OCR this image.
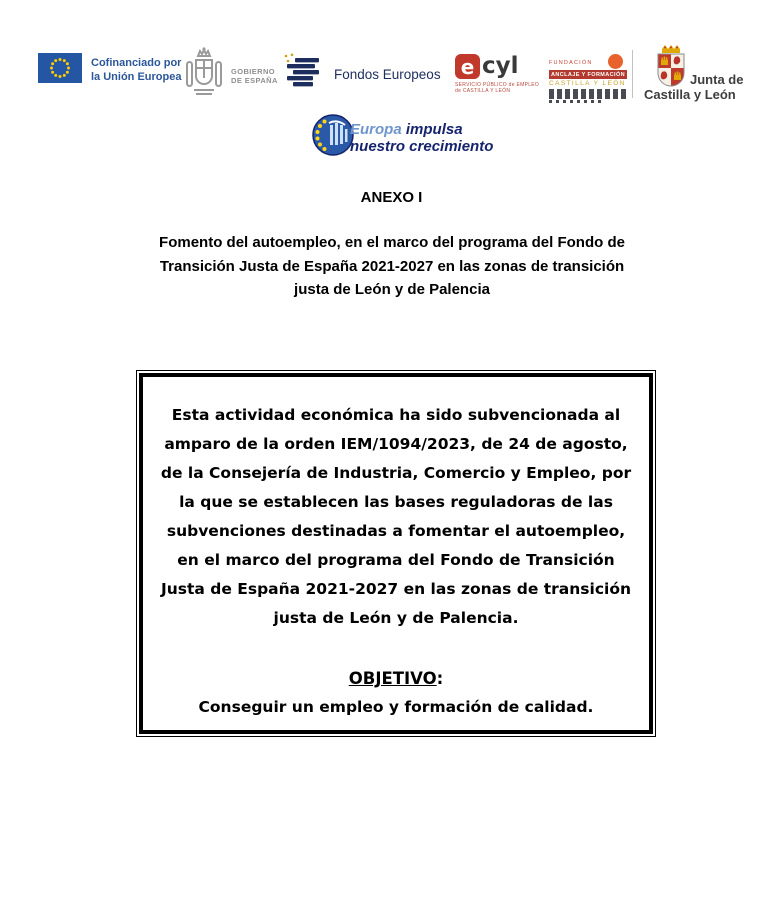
Cofinanciado por
la Unión Europea	GOBIERNO
DE ESPAÑA	Fondos Europeos e cyl
SERVICIO PÚBLICO de EMPLEO
de CASTILLA Y LEÓN
FUNDACIÓN
ANCLAJE Y FORMACIÓN
CASTILLA Y LEÓN	Junta de
Castilla y León
Europa impulsa
nuestro crecimiento
ANEXO I
Fomento del autoempleo, en el marco del programa del Fondo de
Transición Justa de España 2021-2027 en las zonas de transición
justa de León y de Palencia
Esta actividad económica ha sido subvencionada al
amparo de la orden IEM/1094/2023, de 24 de agosto,
de la Consejería de Industria, Comercio y Empleo, por
la que se establecen las bases reguladoras de las
subvenciones destinadas a fomentar el autoempleo,
en el marco del programa del Fondo de Transición
Justa de España 2021-2027 en las zonas de transición
justa de León y de Palencia.
OBJETIVO:
Conseguir un empleo y formación de calidad.
